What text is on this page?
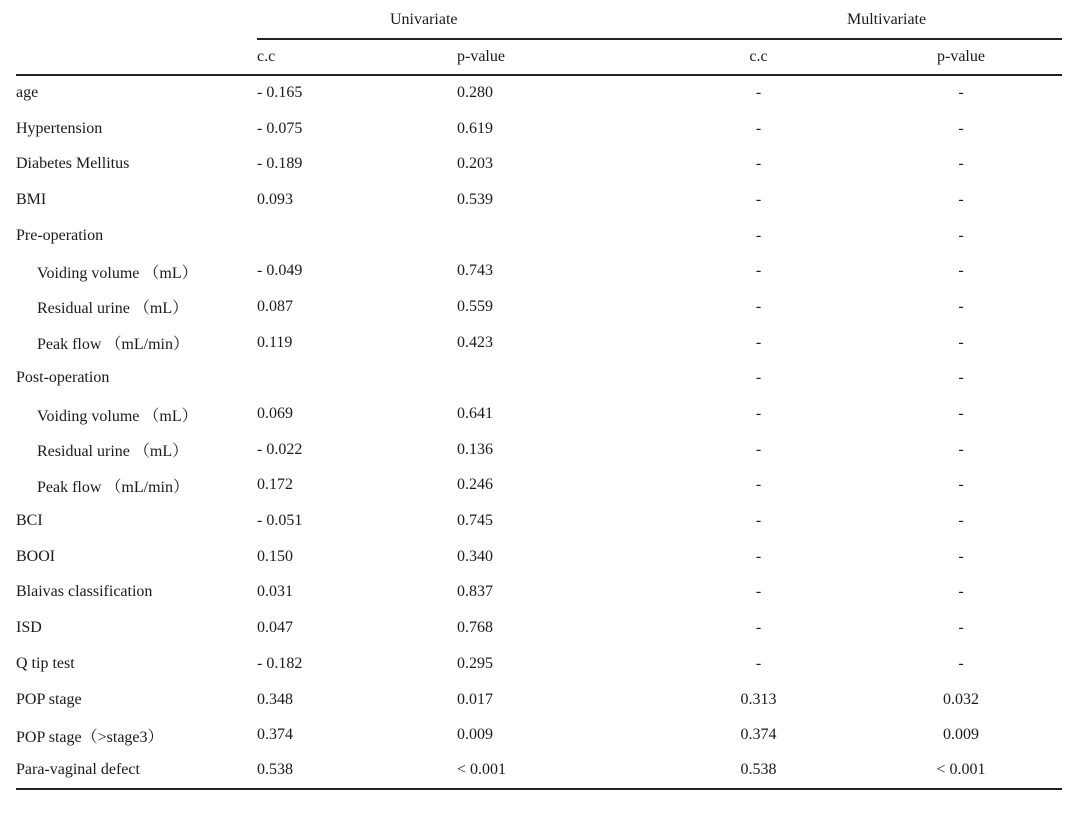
Univariate	Multivariate
	c.c	p-value	c.c	p-value
age	- 0.165	0.280	-	-
Hypertension	- 0.075	0.619	-	-
Diabetes Mellitus	- 0.189	0.203	-	-
BMI	0.093	0.539	-	-
Pre-operation			-	-
Voiding volume （mL）	- 0.049	0.743	-	-
Residual urine （mL）	0.087	0.559	-	-
Peak flow （mL/min）	0.119	0.423	-	-
Post-operation			-	-
Voiding volume （mL）	0.069	0.641	-	-
Residual urine （mL）	- 0.022	0.136	-	-
Peak flow （mL/min）	0.172	0.246	-	-
BCI	- 0.051	0.745	-	-
BOOI	0.150	0.340	-	-
Blaivas classification	0.031	0.837	-	-
ISD	0.047	0.768	-	-
Q tip test	- 0.182	0.295	-	-
POP stage	0.348	0.017	0.313	0.032
POP stage（>stage3）	0.374	0.009	0.374	0.009
Para-vaginal defect	0.538	< 0.001	0.538	< 0.001
